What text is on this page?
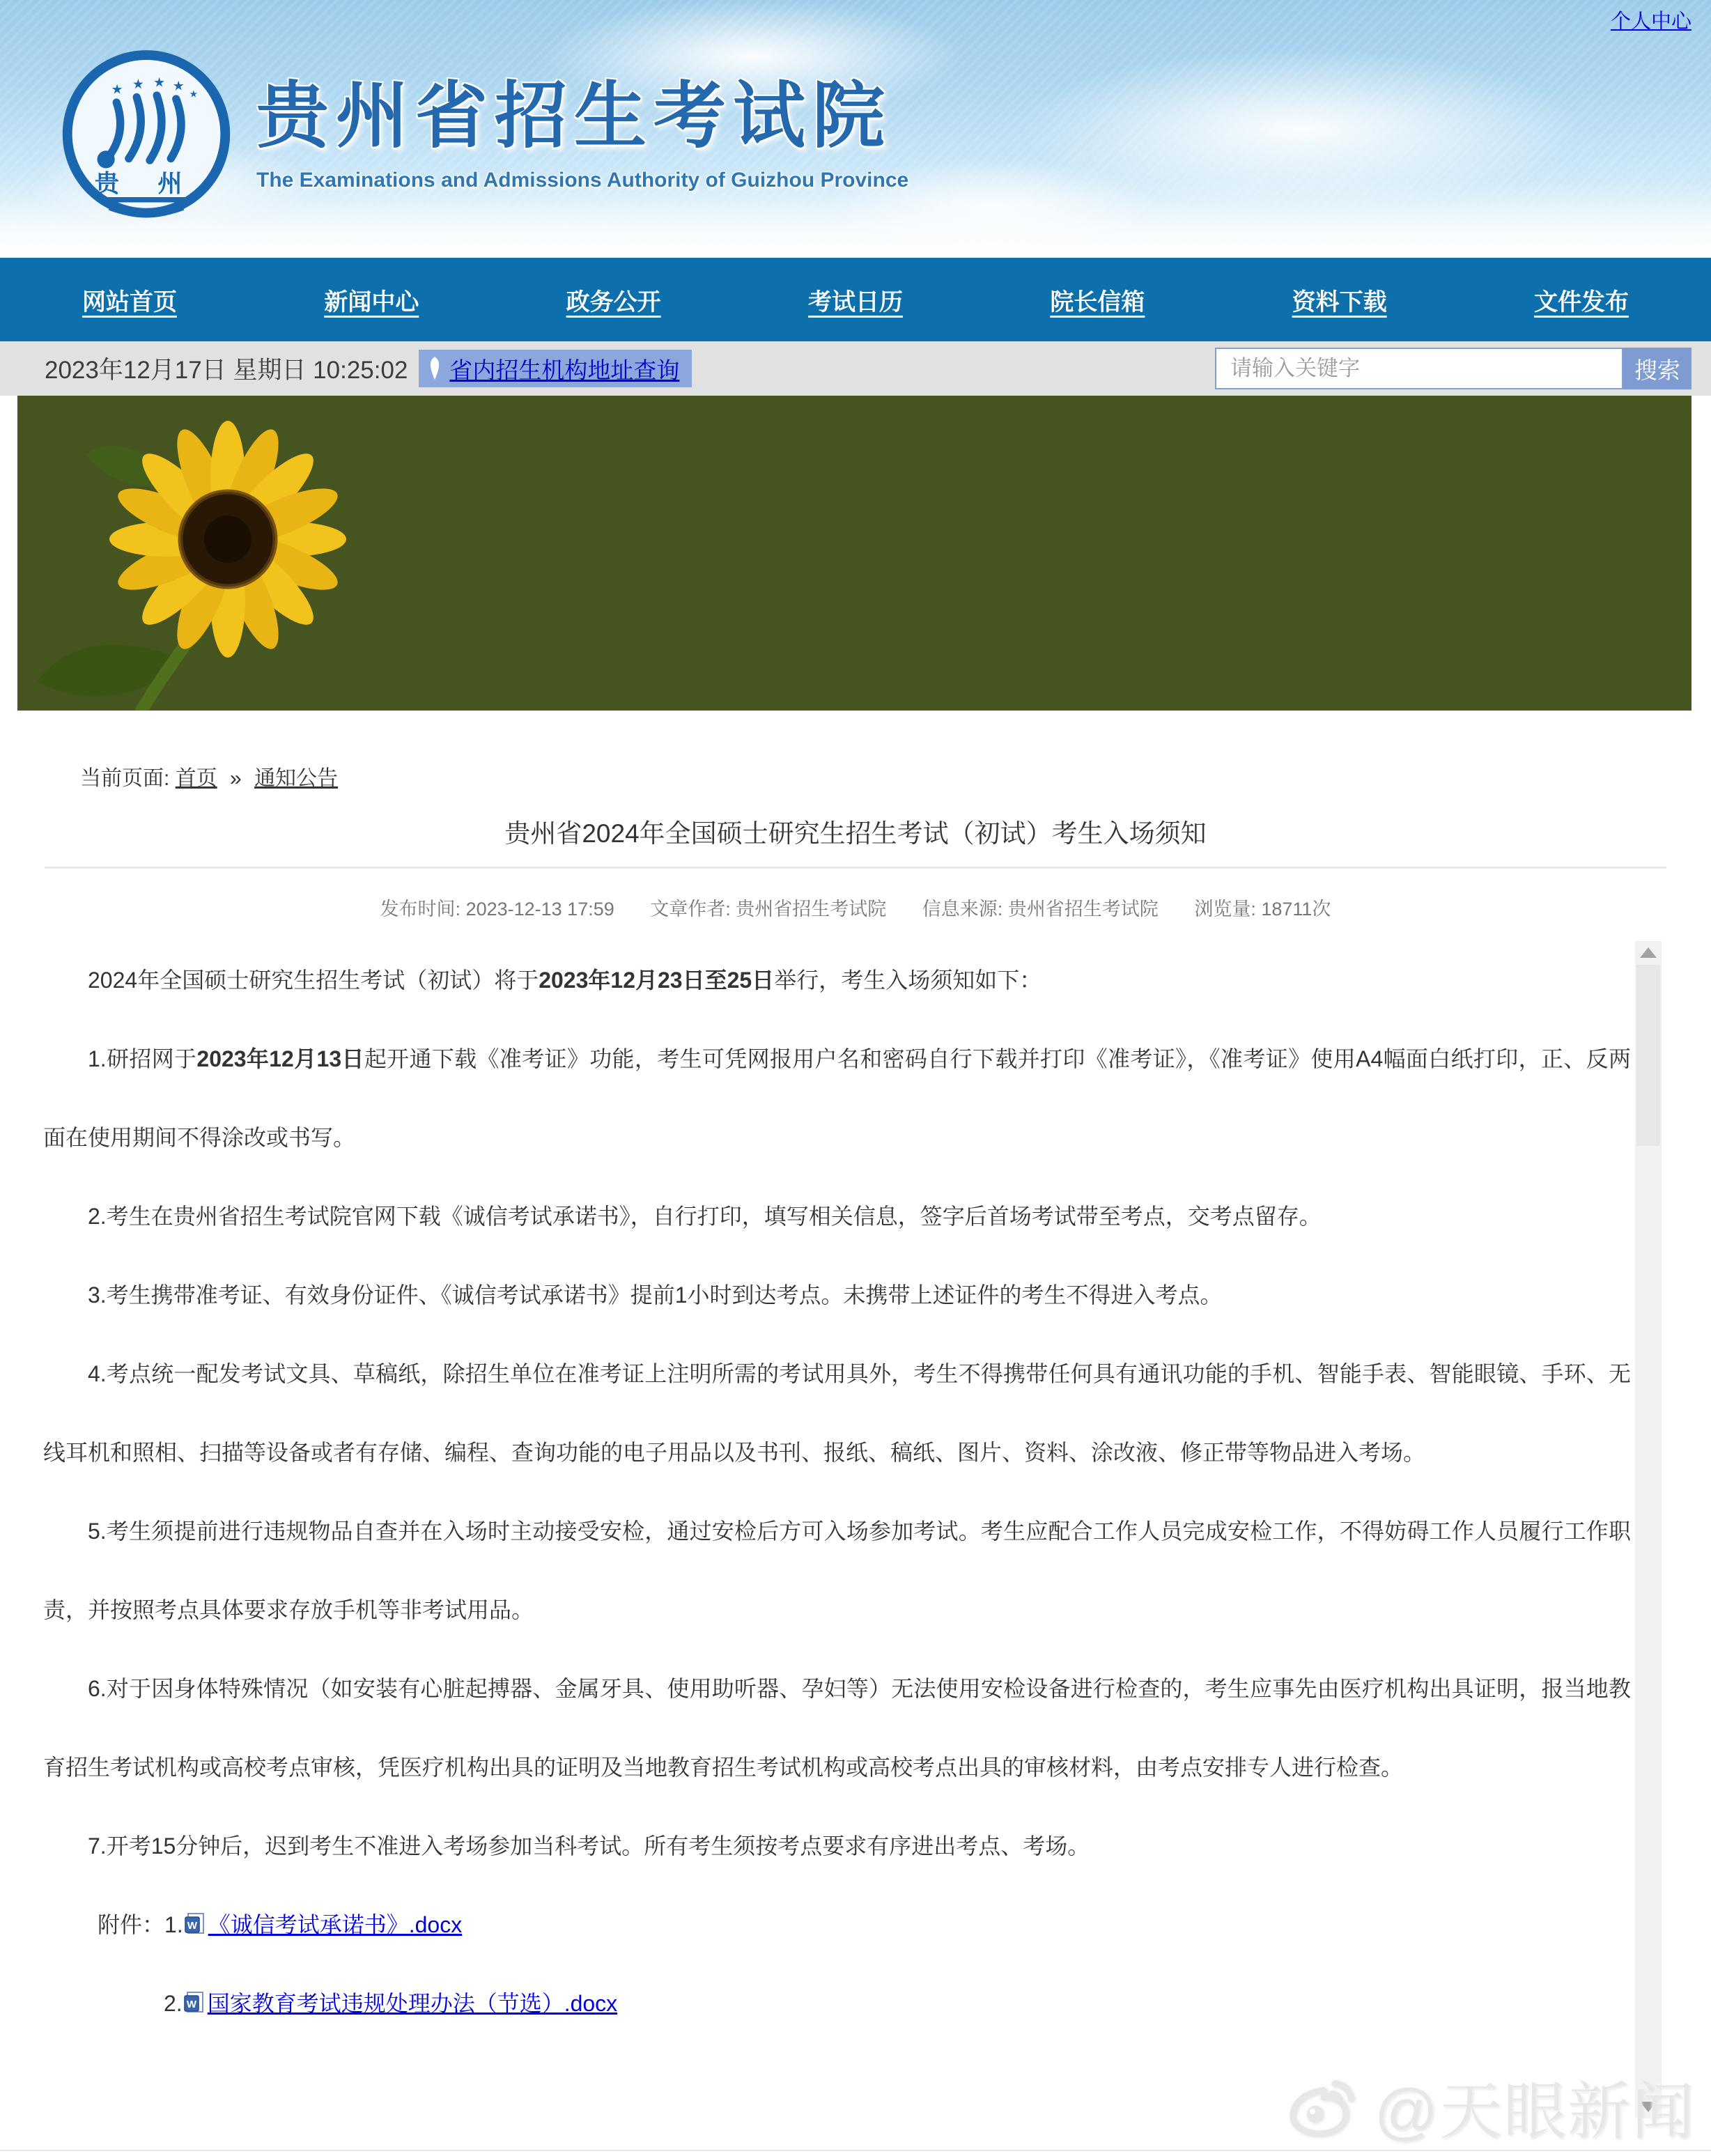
个人中心
★ ★ ★ ★
★
贵 州
贵州省招生考试院
The Examinations and Admissions Authority of Guizhou Province
网站首页	新闻中心	政务公开	考试日历	院长信箱	资料下载	文件发布
2023年12月17日 星期日 10:25:02 省内招生机构地址查询
请输入关键字	搜索
当前页面: 首页 » 通知公告
贵州省2024年全国硕士研究生招生考试（初试）考生入场须知
发布时间: 2023-12-13 17:59 文章作者: 贵州省招生考试院 信息来源: 贵州省招生考试院 浏览量: 18711次

2024年全国硕士研究生招生考试（初试）将于2023年12月23日至25日举行，考生入场须知如下：

1.研招网于2023年12月13日起开通下载《准考证》功能，考生可凭网报用户名和密码自行下载并打印《准考证》，《准考证》使用A4幅面白纸打印，正、反两面在使用期间不得涂改或书写。

2.考生在贵州省招生考试院官网下载《诚信考试承诺书》，自行打印，填写相关信息，签字后首场考试带至考点，交考点留存。

3.考生携带准考证、有效身份证件、《诚信考试承诺书》提前1小时到达考点。未携带上述证件的考生不得进入考点。

4.考点统一配发考试文具、草稿纸，除招生单位在准考证上注明所需的考试用具外，考生不得携带任何具有通讯功能的手机、智能手表、智能眼镜、手环、无线耳机和照相、扫描等设备或者有存储、编程、查询功能的电子用品以及书刊、报纸、稿纸、图片、资料、涂改液、修正带等物品进入考场。

5.考生须提前进行违规物品自查并在入场时主动接受安检，通过安检后方可入场参加考试。考生应配合工作人员完成安检工作，不得妨碍工作人员履行工作职责，并按照考点具体要求存放手机等非考试用品。

6.对于因身体特殊情况（如安装有心脏起搏器、金属牙具、使用助听器、孕妇等）无法使用安检设备进行检查的，考生应事先由医疗机构出具证明，报当地教育招生考试机构或高校考点审核，凭医疗机构出具的证明及当地教育招生考试机构或高校考点出具的审核材料，由考点安排专人进行检查。

7.开考15分钟后，迟到考生不准进入考场参加当科考试。所有考生须按考点要求有序进出考点、考场。

附件：1. W 《诚信考试承诺书》.docx
2. W 国家教育考试违规处理办法（节选）.docx
@天眼新闻
